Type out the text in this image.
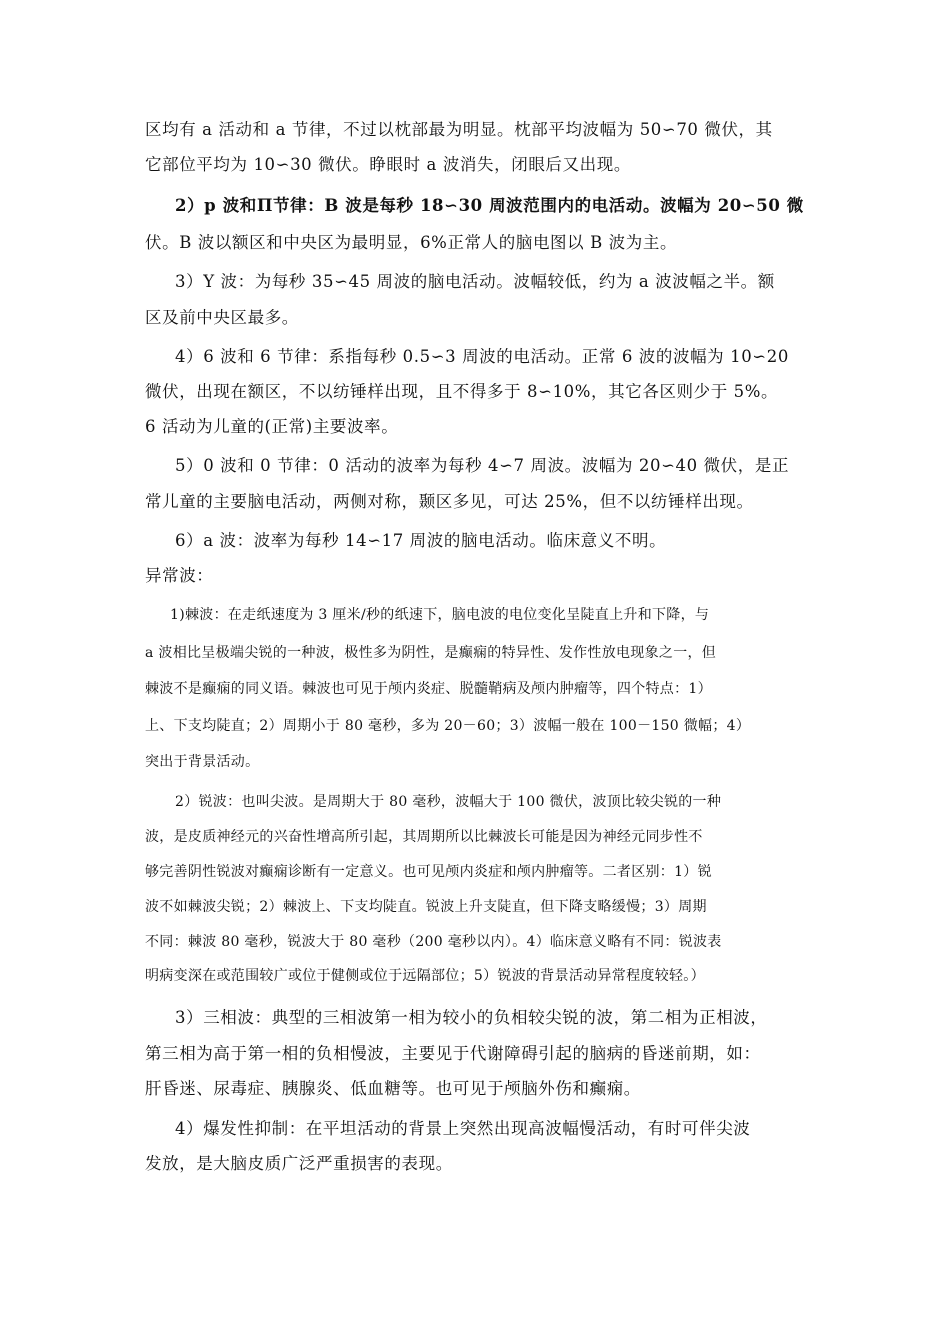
区均有 a 活动和 a 节律，不过以枕部最为明显。枕部平均波幅为 50∽70 微伏，其
它部位平均为 10∽30 微伏。睁眼时 a 波消失，闭眼后又出现。
2）p 波和П节律：B 波是每秒 18∽30 周波范围内的电活动。波幅为 20∽50 微
伏。B 波以额区和中央区为最明显，6%正常人的脑电图以 B 波为主。
3）Y 波：为每秒 35∽45 周波的脑电活动。波幅较低，约为 a 波波幅之半。额
区及前中央区最多。
4）6 波和 6 节律：系指每秒 0.5∽3 周波的电活动。正常 6 波的波幅为 10∽20
微伏，出现在额区，不以纺锤样出现，且不得多于 8∽10%，其它各区则少于 5%。
6 活动为儿童的(正常)主要波率。
5）0 波和 0 节律：0 活动的波率为每秒 4∽7 周波。波幅为 20∽40 微伏，是正
常儿童的主要脑电活动，两侧对称，颞区多见，可达 25%，但不以纺锤样出现。
6）a 波：波率为每秒 14∽17 周波的脑电活动。临床意义不明。
异常波：
1)棘波：在走纸速度为 3 厘米/秒的纸速下，脑电波的电位变化呈陡直上升和下降，与
a 波相比呈极端尖锐的一种波，极性多为阴性，是癫痫的特异性、发作性放电现象之一，但
棘波不是癫痫的同义语。棘波也可见于颅内炎症、脱髓鞘病及颅内肿瘤等，四个特点：1）
上、下支均陡直；2）周期小于 80 毫秒，多为 20－60；3）波幅一般在 100－150 微幅；4）
突出于背景活动。
2）锐波：也叫尖波。是周期大于 80 毫秒，波幅大于 100 微伏，波顶比较尖锐的一种
波，是皮质神经元的兴奋性增高所引起，其周期所以比棘波长可能是因为神经元同步性不
够完善阴性锐波对癫痫诊断有一定意义。也可见颅内炎症和颅内肿瘤等。二者区别：1）锐
波不如棘波尖锐；2）棘波上、下支均陡直。锐波上升支陡直，但下降支略缓慢；3）周期
不同：棘波 80 毫秒，锐波大于 80 毫秒（200 毫秒以内）。4）临床意义略有不同：锐波表
明病变深在或范围较广或位于健侧或位于远隔部位；5）锐波的背景活动异常程度较轻。）
3）三相波：典型的三相波第一相为较小的负相较尖锐的波，第二相为正相波，
第三相为高于第一相的负相慢波，主要见于代谢障碍引起的脑病的昏迷前期，如：
肝昏迷、尿毒症、胰腺炎、低血糖等。也可见于颅脑外伤和癫痫。
4）爆发性抑制：在平坦活动的背景上突然出现高波幅慢活动，有时可伴尖波
发放，是大脑皮质广泛严重损害的表现。
